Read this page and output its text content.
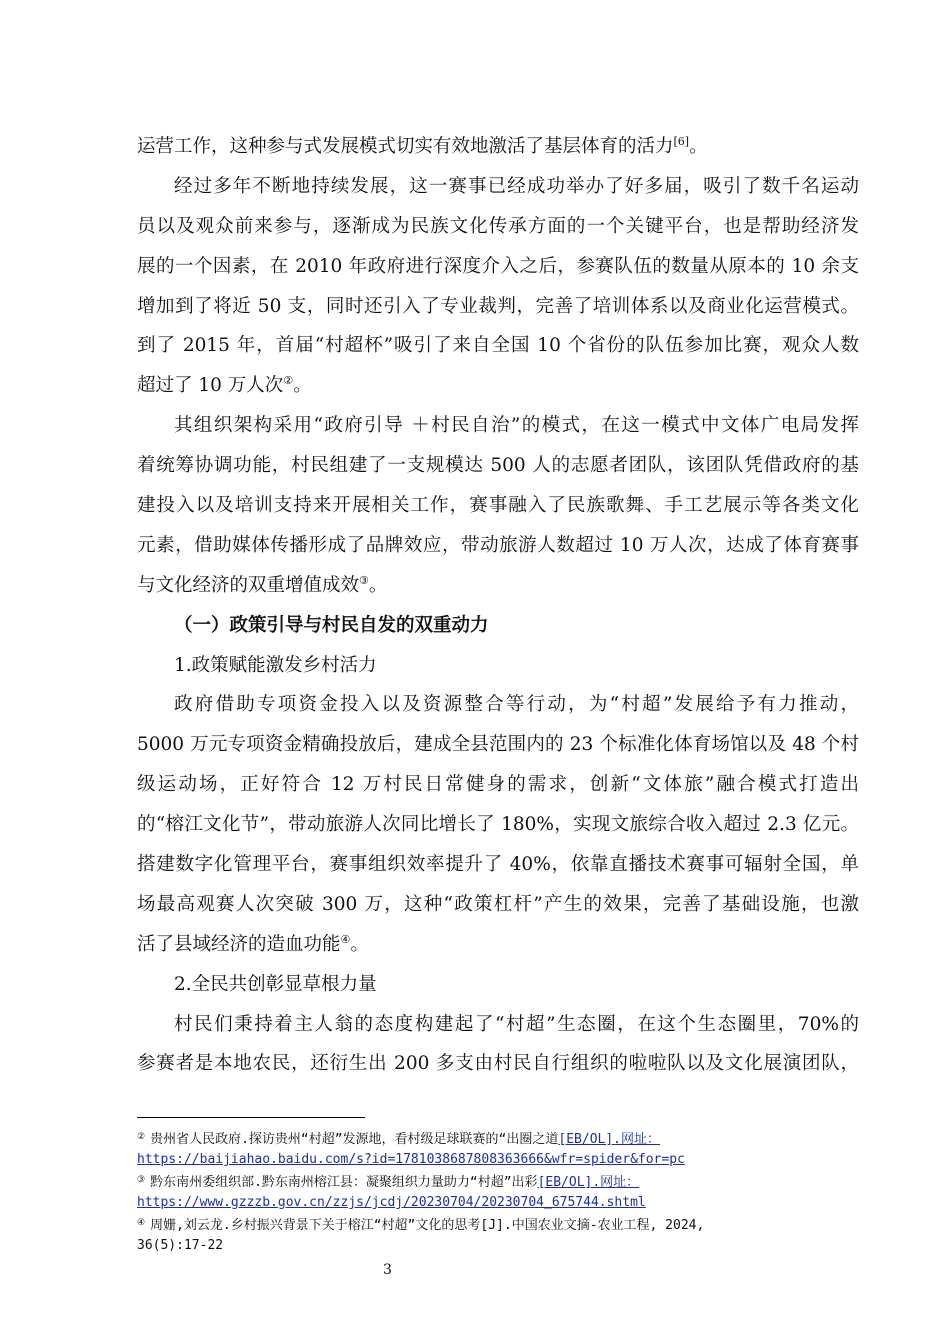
运营工作，这种参与式发展模式切实有效地激活了基层体育的活力[6]。
经过多年不断地持续发展，这一赛事已经成功举办了好多届，吸引了数千名运动
员以及观众前来参与，逐渐成为民族文化传承方面的一个关键平台，也是帮助经济发
展的一个因素，在 2010 年政府进行深度介入之后，参赛队伍的数量从原本的 10 余支
增加到了将近 50 支，同时还引入了专业裁判，完善了培训体系以及商业化运营模式。
到了 2015 年，首届“村超杯”吸引了来自全国 10 个省份的队伍参加比赛，观众人数
超过了 10 万人次②。
其组织架构采用“政府引导 ＋村民自治”的模式，在这一模式中文体广电局发挥
着统筹协调功能，村民组建了一支规模达 500 人的志愿者团队，该团队凭借政府的基
建投入以及培训支持来开展相关工作，赛事融入了民族歌舞、手工艺展示等各类文化
元素，借助媒体传播形成了品牌效应，带动旅游人数超过 10 万人次，达成了体育赛事
与文化经济的双重增值成效③。
（一）政策引导与村民自发的双重动力
1.政策赋能激发乡村活力
政府借助专项资金投入以及资源整合等行动，为“村超”发展给予有力推动，
5000 万元专项资金精确投放后，建成全县范围内的 23 个标准化体育场馆以及 48 个村
级运动场，正好符合 12 万村民日常健身的需求，创新“文体旅”融合模式打造出
的“榕江文化节”，带动旅游人次同比增长了 180%，实现文旅综合收入超过 2.3 亿元。
搭建数字化管理平台，赛事组织效率提升了 40%，依靠直播技术赛事可辐射全国，单
场最高观赛人次突破 300 万，这种“政策杠杆”产生的效果，完善了基础设施，也激
活了县域经济的造血功能④。
2.全民共创彰显草根力量
村民们秉持着主人翁的态度构建起了“村超”生态圈，在这个生态圈里，70%的
参赛者是本地农民，还衍生出 200 多支由村民自行组织的啦啦队以及文化展演团队，
② 贵州省人民政府.探访贵州“村超”发源地，看村级足球联赛的“出圈之道[EB/OL].网址：
https://baijiahao.baidu.com/s?id=1781038687808363666&wfr=spider&for=pc
③ 黔东南州委组织部.黔东南州榕江县：凝聚组织力量助力“村超”出彩[EB/OL].网址：
https://www.gzzzb.gov.cn/zzjs/jcdj/20230704/20230704_675744.shtml
④ 周姗,刘云龙.乡村振兴背景下关于榕江“村超”文化的思考[J].中国农业文摘-农业工程, 2024,
36(5):17-22
3
